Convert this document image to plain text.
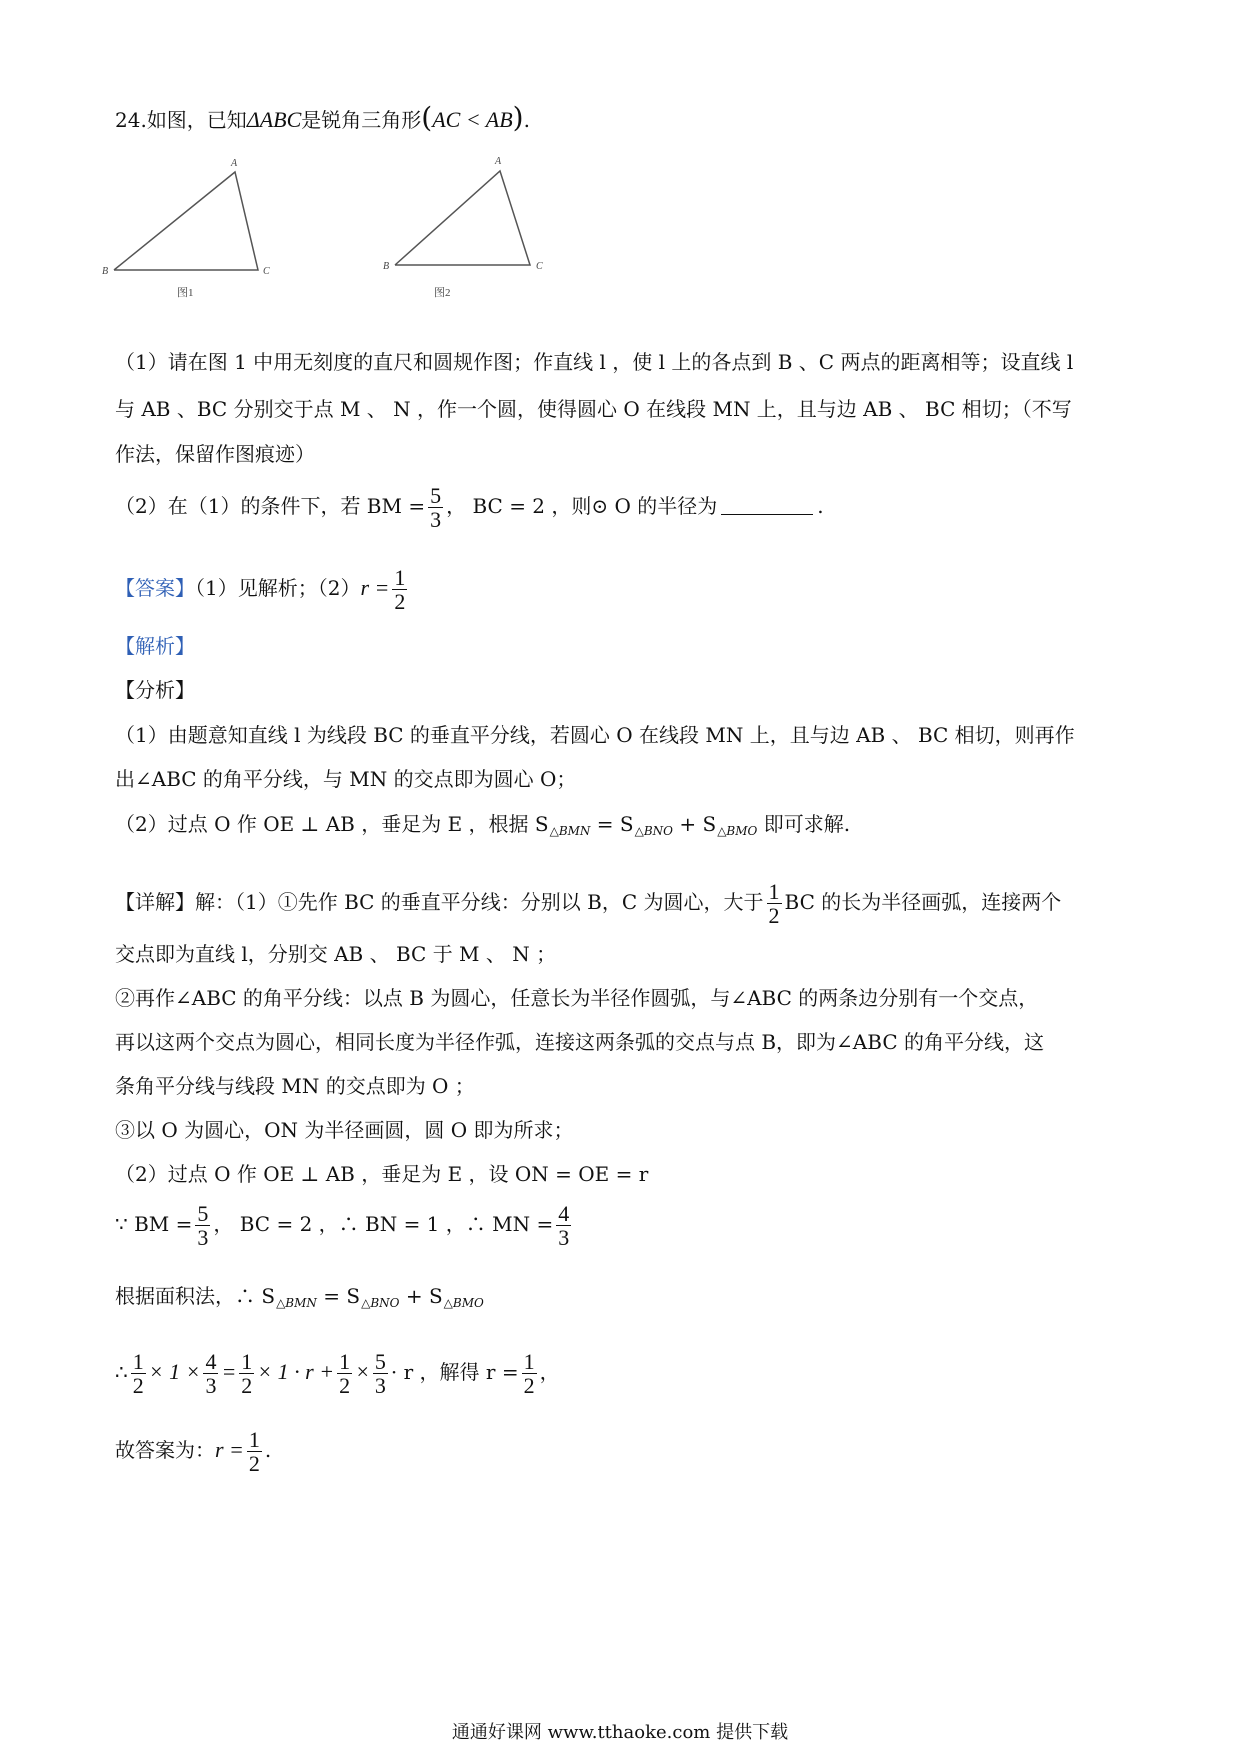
24.如图，已知ΔABC是锐角三角形(AC < AB).
A
B	C
图1
A
B	C
图2
（1）请在图 1 中用无刻度的直尺和圆规作图；作直线 l ，使 l 上的各点到 B 、C 两点的距离相等；设直线 l
与 AB 、BC 分别交于点 M 、 N ，作一个圆，使得圆心 O 在线段 MN 上，且与边 AB 、 BC 相切；（不写
作法，保留作图痕迹）
（2）在（1）的条件下，若 BM = $\frac{5}{3}$ ， BC = 2 ，则⊙ O 的半径为	.
【答案】（1）见解析；$(2)r = \frac{1}{2}$
【解析】
【分析】
（1）由题意知直线 l 为线段 BC 的垂直平分线，若圆心 O 在线段 MN 上，且与边 AB 、 BC 相切，则再作
出∠ABC 的角平分线，与 MN 的交点即为圆心 O；
（2）过点 O 作 OE ⊥ AB ，垂足为 E ，根据 $S_{\triangle BMN} = S_{\triangle BNO} + S_{\triangle BMO}$ 即可求解.
【详解】解：（1）①先作 BC 的垂直平分线：分别以 B，C 为圆心，大于 $\frac{1}{2}$ BC 的长为半径画弧，连接两个
交点即为直线 l，分别交 AB 、 BC 于 M 、 N ；
②再作∠ABC 的角平分线：以点 B 为圆心，任意长为半径作圆弧，与∠ABC 的两条边分别有一个交点，
再以这两个交点为圆心，相同长度为半径作弧，连接这两条弧的交点与点 B，即为∠ABC 的角平分线，这
条角平分线与线段 MN 的交点即为 O ；
③以 O 为圆心，ON 为半径画圆，圆 O 即为所求；
（2）过点 O 作 OE ⊥ AB ，垂足为 E ，设 ON = OE = r
∵ BM = $\frac{5}{3}$ ， BC = 2 ，∴ BN = 1 ，∴ MN = $\frac{4}{3}$
根据面积法，∴ $S_{\triangle BMN} = S_{\triangle BNO} + S_{\triangle BMO}$
∴ $\frac{1}{2} \times 1 \times \frac{4}{3} = \frac{1}{2} \times 1 \cdot r + \frac{1}{2} \times \frac{5}{3} \cdot r$ ，解得 $r = \frac{1}{2}$ ，
故答案为：$r = \frac{1}{2}$ .
通通好课网 www.tthaoke.com 提供下载
